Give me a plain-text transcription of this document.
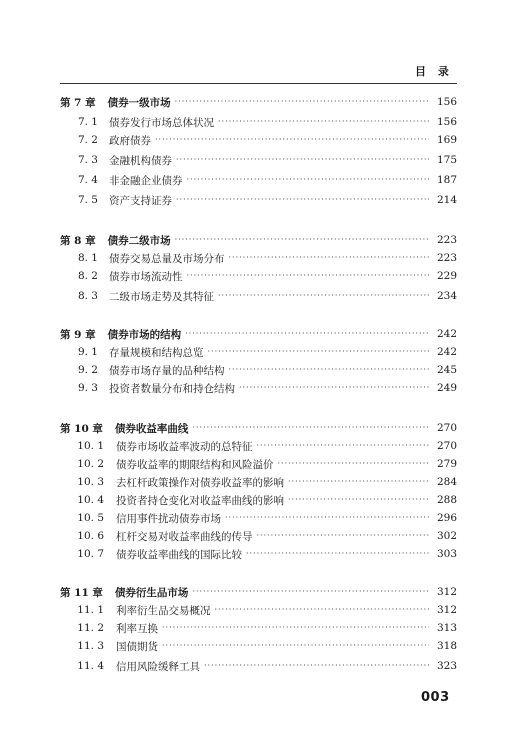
目 录
第 7 章 债券一级市场 ·····	156
7. 1 债券发行市场总体状况 ·····	156
7. 2 政府债券 ·····	169
7. 3 金融机构债券 ·····	175
7. 4 非金融企业债券 ·····	187
7. 5 资产支持证券 ·····	214
第 8 章 债券二级市场 ·····	223
8. 1 债券交易总量及市场分布 ·····	223
8. 2 债券市场流动性 ·····	229
8. 3 二级市场走势及其特征 ·····	234
第 9 章 债券市场的结构 ·····	242
9. 1 存量规模和结构总览 ·····	242
9. 2 债券市场存量的品种结构 ·····	245
9. 3 投资者数量分布和持仓结构 ·····	249
第 10 章 债券收益率曲线 ·····	270
10. 1 债券市场收益率波动的总特征 ·····	270
10. 2 债券收益率的期限结构和风险溢价 ·····	279
10. 3 去杠杆政策操作对债券收益率的影响 ·····	284
10. 4 投资者持仓变化对收益率曲线的影响 ·····	288
10. 5 信用事件扰动债券市场 ·····	296
10. 6 杠杆交易对收益率曲线的传导 ·····	302
10. 7 债券收益率曲线的国际比较 ·····	303
第 11 章 债券衍生品市场 ·····	312
11. 1 利率衍生品交易概况 ·····	312
11. 2 利率互换 ·····	313
11. 3 国债期货 ·····	318
11. 4 信用风险缓释工具 ·····	323
003
